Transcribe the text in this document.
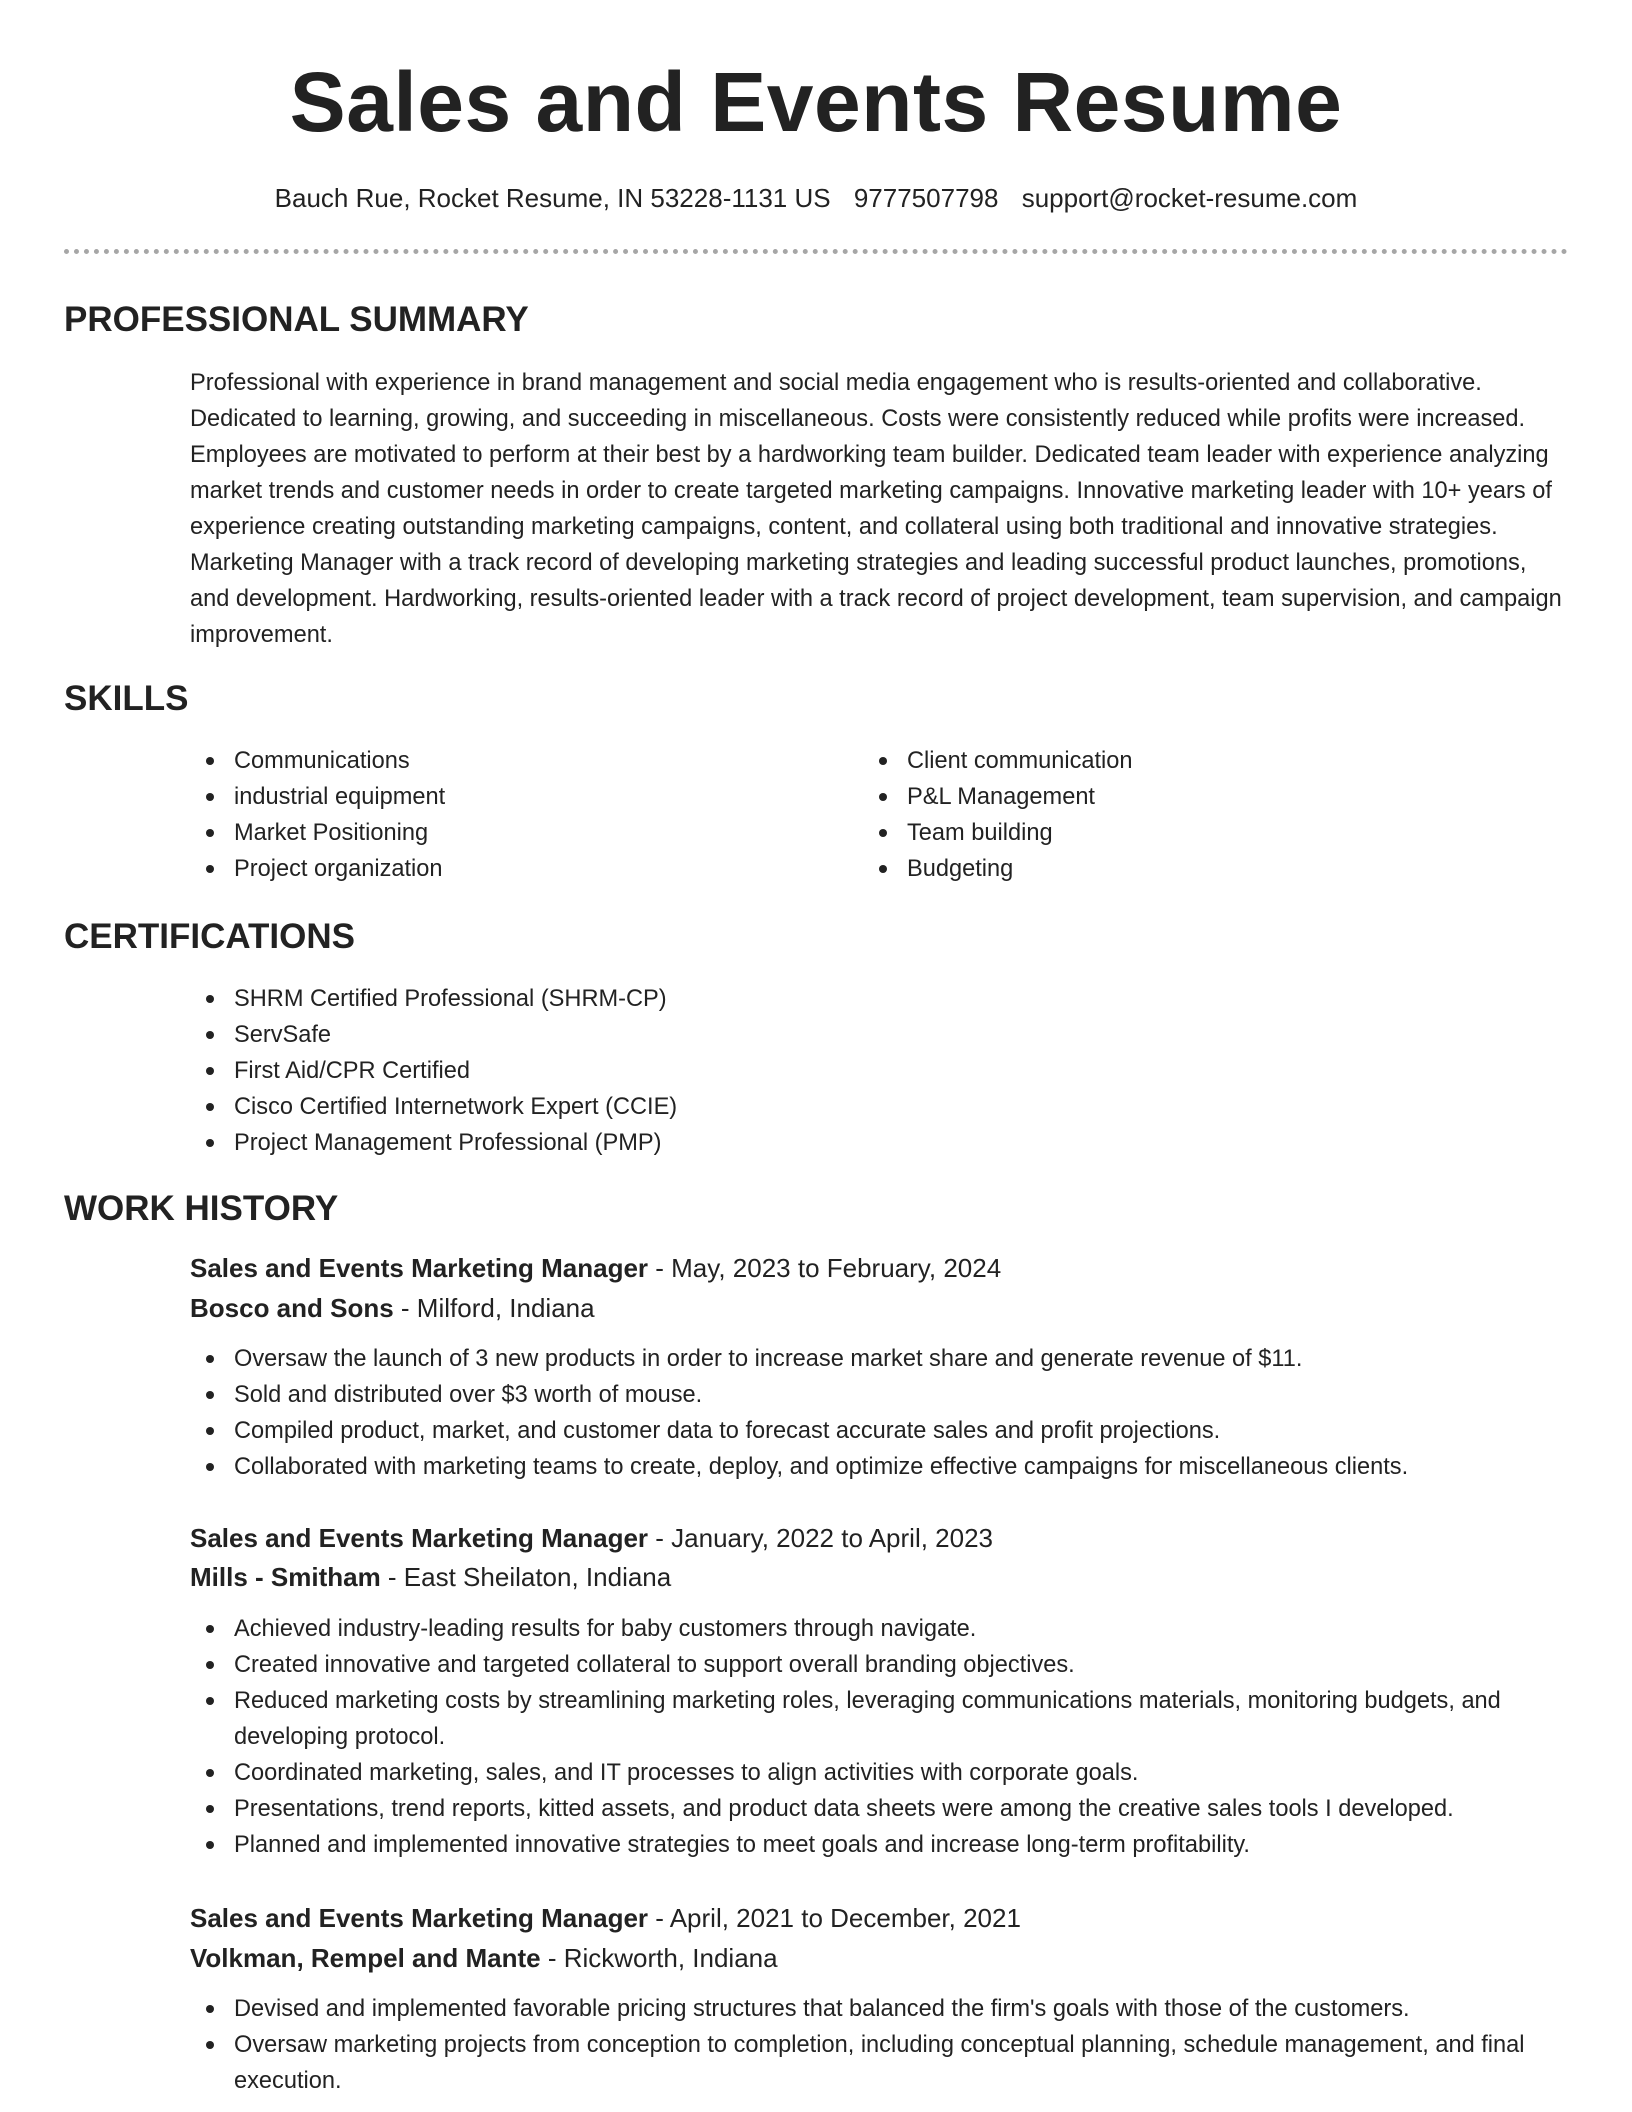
Sales and Events Resume
Bauch Rue, Rocket Resume, IN 53228-1131 US 9777507798 support@rocket-resume.com
PROFESSIONAL SUMMARY

Professional with experience in brand management and social media engagement who is results-oriented and collaborative. Dedicated to learning, growing, and succeeding in miscellaneous. Costs were consistently reduced while profits were increased. Employees are motivated to perform at their best by a hardworking team builder. Dedicated team leader with experience analyzing market trends and customer needs in order to create targeted marketing campaigns. Innovative marketing leader with 10+ years of experience creating outstanding marketing campaigns, content, and collateral using both traditional and innovative strategies. Marketing Manager with a track record of developing marketing strategies and leading successful product launches, promotions, and development. Hardworking, results-oriented leader with a track record of project development, team supervision, and campaign improvement.

SKILLS
Communications
industrial equipment
Market Positioning
Project organization
Client communication
P&L Management
Team building
Budgeting
CERTIFICATIONS
SHRM Certified Professional (SHRM-CP)
ServSafe
First Aid/CPR Certified
Cisco Certified Internetwork Expert (CCIE)
Project Management Professional (PMP)
WORK HISTORY
Sales and Events Marketing Manager - May, 2023 to February, 2024
Bosco and Sons - Milford, Indiana
Oversaw the launch of 3 new products in order to increase market share and generate revenue of $11.
Sold and distributed over $3 worth of mouse.
Compiled product, market, and customer data to forecast accurate sales and profit projections.
Collaborated with marketing teams to create, deploy, and optimize effective campaigns for miscellaneous clients.
Sales and Events Marketing Manager - January, 2022 to April, 2023
Mills - Smitham - East Sheilaton, Indiana
Achieved industry-leading results for baby customers through navigate.
Created innovative and targeted collateral to support overall branding objectives.
Reduced marketing costs by streamlining marketing roles, leveraging communications materials, monitoring budgets, and developing protocol.
Coordinated marketing, sales, and IT processes to align activities with corporate goals.
Presentations, trend reports, kitted assets, and product data sheets were among the creative sales tools I developed.
Planned and implemented innovative strategies to meet goals and increase long-term profitability.
Sales and Events Marketing Manager - April, 2021 to December, 2021
Volkman, Rempel and Mante - Rickworth, Indiana
Devised and implemented favorable pricing structures that balanced the firm's goals with those of the customers.
Oversaw marketing projects from conception to completion, including conceptual planning, schedule management, and final execution.
